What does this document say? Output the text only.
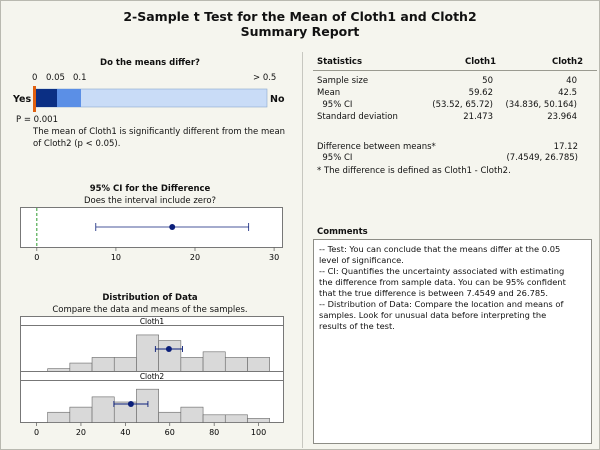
2-Sample t Test for the Mean of Cloth1 and Cloth2
Summary Report
Do the means differ?
0 0.05 0.1	> 0.5
Yes	No
P = 0.001
The mean of Cloth1 is significantly different from the mean
of Cloth2 (p < 0.05).
95% CI for the Difference
Does the interval include zero?
0	10	20	30
Distribution of Data
Compare the data and means of the samples.
Cloth1
Cloth2
0	20	40	60	80	100
Statistics	Cloth1	Cloth2
Sample size	50	40
Mean	59.62	42.5
95% CI	(53.52, 65.72)	(34.836, 50.164)
Standard deviation	21.473	23.964
Difference between means*	17.12
95% CI	(7.4549, 26.785)
* The difference is defined as Cloth1 - Cloth2.
Comments
-- Test: You can conclude that the means differ at the 0.05
level of significance.
-- CI: Quantifies the uncertainty associated with estimating
the difference from sample data. You can be 95% confident
that the true difference is between 7.4549 and 26.785.
-- Distribution of Data: Compare the location and means of
samples. Look for unusual data before interpreting the
results of the test.
